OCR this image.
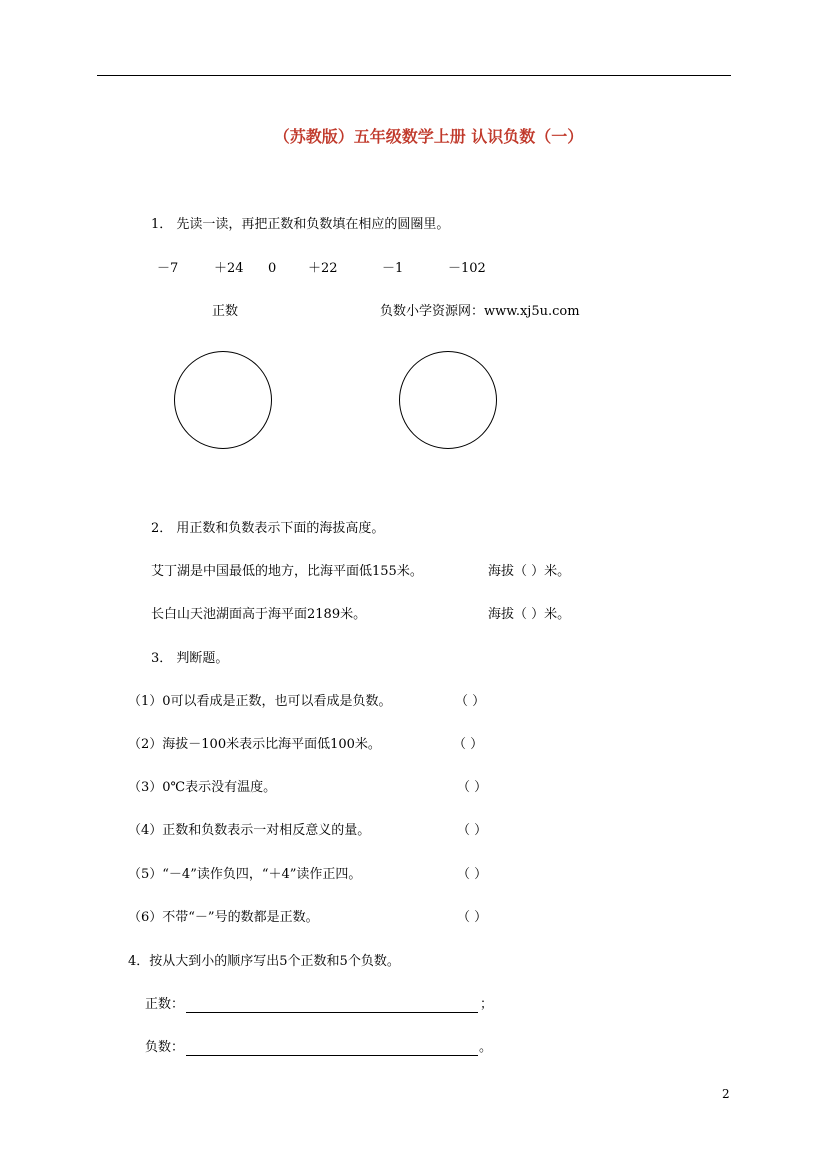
（苏教版）五年级数学上册 认识负数（一）
1． 先读一读，再把正数和负数填在相应的圆圈里。
－7	＋24 0 ＋22	－1	－102
正数	负数小学资源网：www.xj5u.com
2． 用正数和负数表示下面的海拔高度。
艾丁湖是中国最低的地方，比海平面低155米。	海拔（ ）米。
长白山天池湖面高于海平面2189米。	海拔（ ）米。
3． 判断题。
（1）0可以看成是正数，也可以看成是负数。	（ ）
（2）海拔－100米表示比海平面低100米。	（ ）
（3）0℃表示没有温度。	（ ）
（4）正数和负数表示一对相反意义的量。	（ ）
（5）“－4”读作负四，“＋4”读作正四。	（ ）
（6）不带“－”号的数都是正数。	（ ）
4．按从大到小的顺序写出5个正数和5个负数。
正数：	；
负数：	。
2
